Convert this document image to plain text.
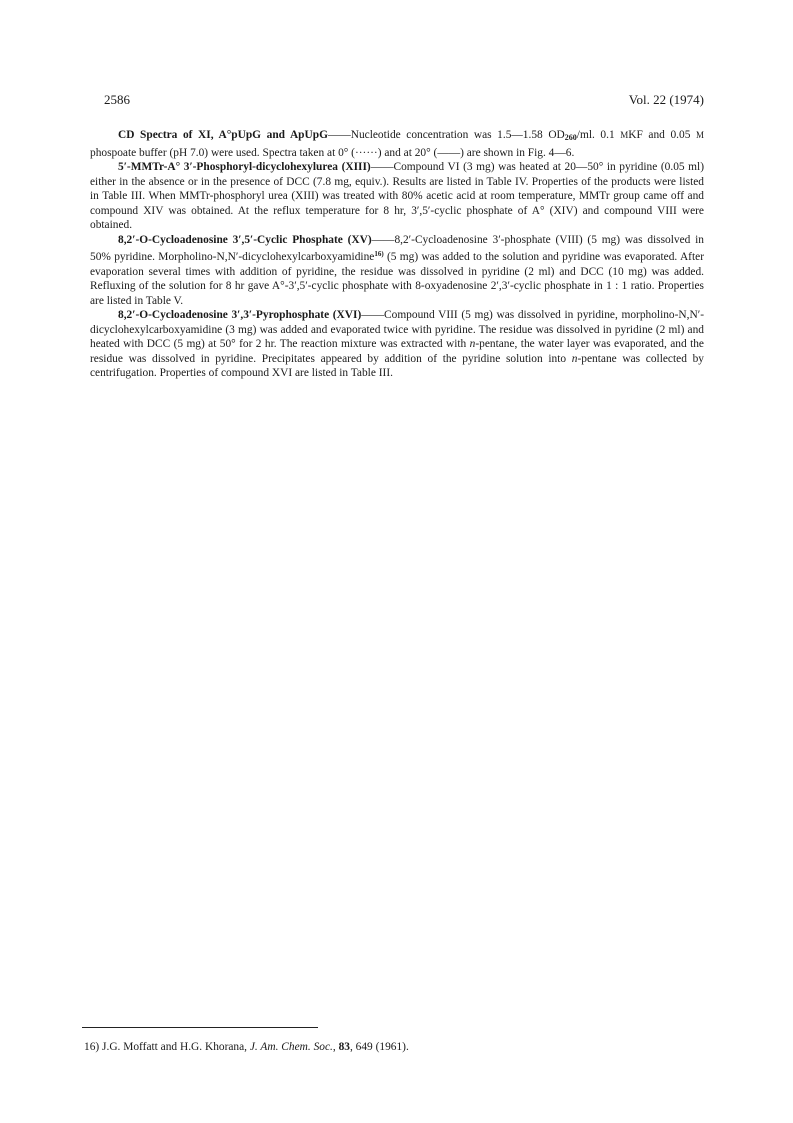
2586	Vol. 22 (1974)

CD Spectra of XI, A°pUpG and ApUpG——Nucleotide concentration was 1.5—1.58 $OD_{260}/ml$. 0.1 MKF and 0.05 M phospoate buffer (pH 7.0) were used. Spectra taken at 0° (······) and at 20° (——) are shown in Fig. 4—6.

5′-MMTr-A° 3′-Phosphoryl-dicyclohexylurea (XIII)——Compound VI (3 mg) was heated at 20—50° in pyridine (0.05 ml) either in the absence or in the presence of DCC (7.8 mg, equiv.). Results are listed in Table IV. Properties of the products were listed in Table III. When MMTr-phosphoryl urea (XIII) was treated with 80% acetic acid at room temperature, MMTr group came off and compound XIV was obtained. At the reflux temperature for 8 hr, 3′,5′-cyclic phosphate of A° (XIV) and compound VIII were obtained.

8,2′-O-Cycloadenosine 3′,5′-Cyclic Phosphate (XV)——8,2′-Cycloadenosine 3′-phosphate (VIII) (5 mg) was dissolved in 50% pyridine. Morpholino-N,N′-dicyclohexylcarboxyamidine$^{16)}$ (5 mg) was added to the solution and pyridine was evaporated. After evaporation several times with addition of pyridine, the residue was dissolved in pyridine (2 ml) and DCC (10 mg) was added. Refluxing of the solution for 8 hr gave A°-3′,5′-cyclic phosphate with 8-oxyadenosine 2′,3′-cyclic phosphate in 1 : 1 ratio. Properties are listed in Table V.

8,2′-O-Cycloadenosine 3′,3′-Pyrophosphate (XVI)——Compound VIII (5 mg) was dissolved in pyridine, morpholino-N,N′-dicyclohexylcarboxyamidine (3 mg) was added and evaporated twice with pyridine. The residue was dissolved in pyridine (2 ml) and heated with DCC (5 mg) at 50° for 2 hr. The reaction mixture was extracted with n-pentane, the water layer was evaporated, and the residue was dissolved in pyridine. Precipitates appeared by addition of the pyridine solution into n-pentane was collected by centrifugation. Properties of compound XVI are listed in Table III.

16) J.G. Moffatt and H.G. Khorana, J. Am. Chem. Soc., 83, 649 (1961).
